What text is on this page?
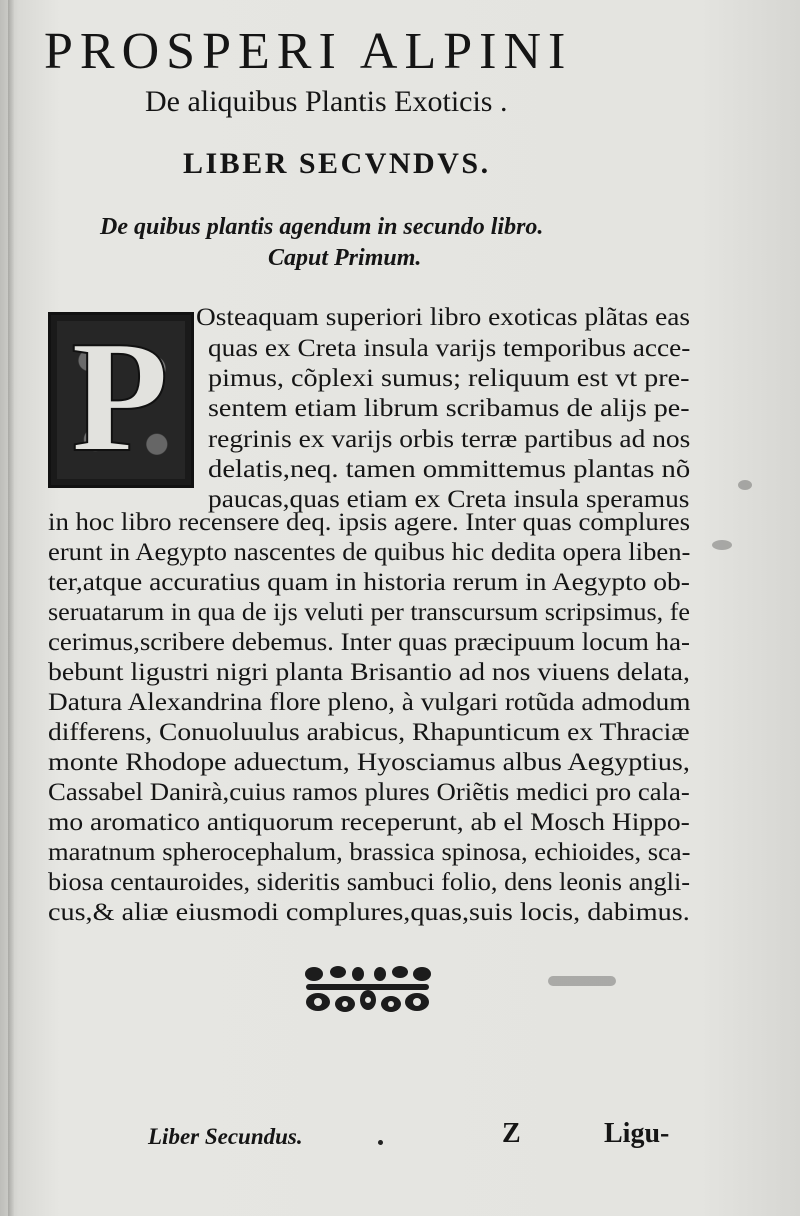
PROSPERI ALPINI
De aliquibus Plantis Exoticis .
LIBER SECVNDVS.
De quibus plantis agendum in secundo libro.
Caput Primum.
P Osteaquam superiori libro exoticas plãtas eas
quas ex Creta insula varijs temporibus acce-
pimus, cõplexi sumus; reliquum est vt pre-
sentem etiam librum scribamus de alijs pe-
regrinis ex varijs orbis terræ partibus ad nos
delatis,neq. tamen ommittemus plantas nõ
paucas,quas etiam ex Creta insula speramus
in hoc libro recensere deq. ipsis agere. Inter quas complures
erunt in Aegypto nascentes de quibus hic dedita opera liben-
ter,atque accuratius quam in historia rerum in Aegypto ob-
seruatarum in qua de ijs veluti per transcursum scripsimus, fe
cerimus,scribere debemus. Inter quas præcipuum locum ha-
bebunt ligustri nigri planta Brisantio ad nos viuens delata,
Datura Alexandrina flore pleno, à vulgari rotũda admodum
differens, Conuoluulus arabicus, Rhapunticum ex Thraciæ
monte Rhodope aduectum, Hyosciamus albus Aegyptius,
Cassabel Danirà,cuius ramos plures Oriẽtis medici pro cala-
mo aromatico antiquorum receperunt, ab el Mosch Hippo-
maratnum spherocephalum, brassica spinosa, echioides, sca-
biosa centauroides, sideritis sambuci folio, dens leonis angli-
cus,& aliæ eiusmodi complures,quas,suis locis, dabimus.
Liber Secundus.	Z	Ligu-
